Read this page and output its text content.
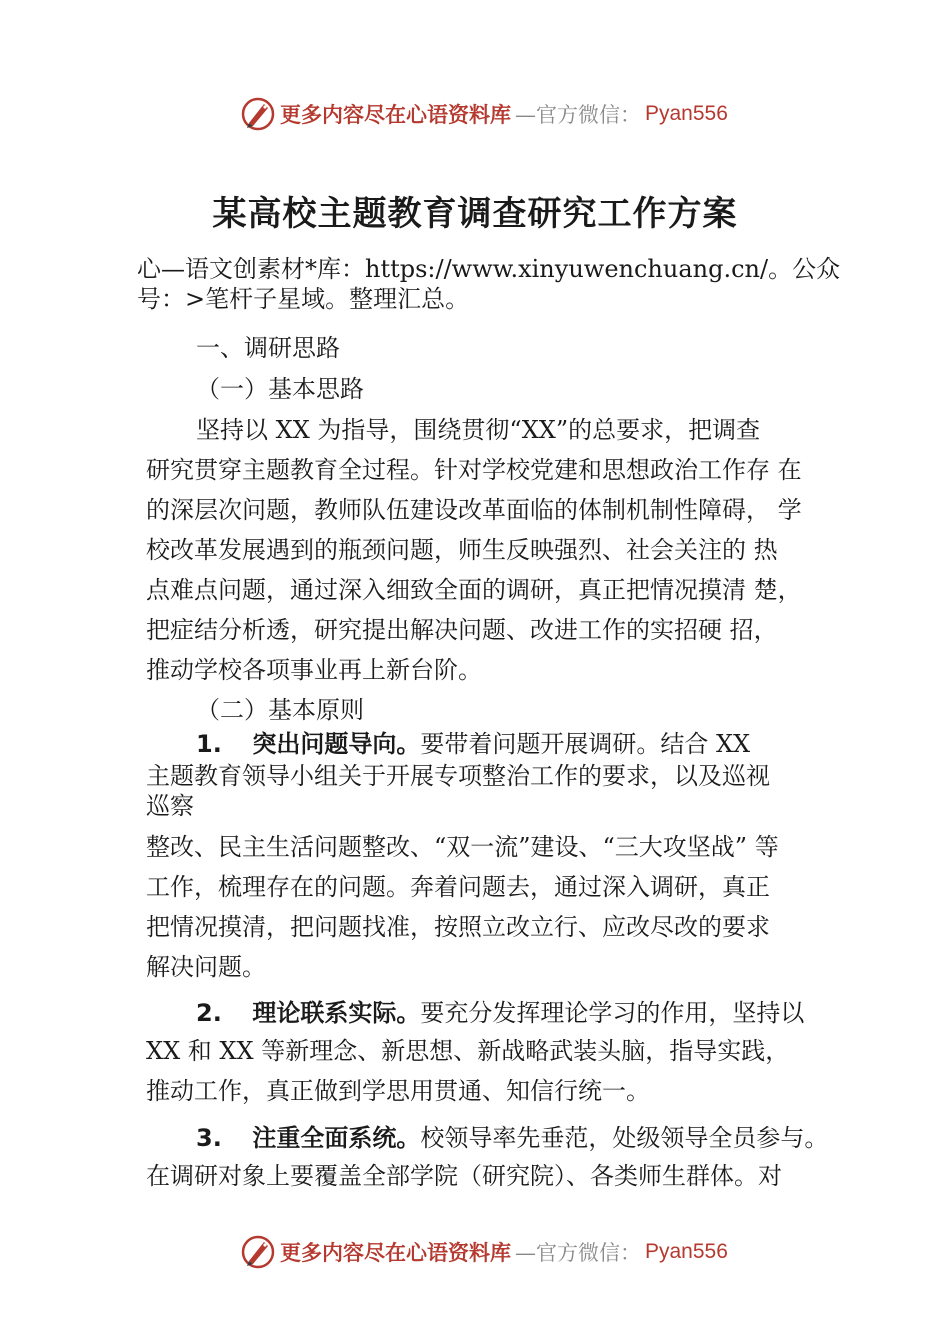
更多内容尽在心语资料库 —官方微信： Pyan556
某高校主题教育调查研究工作方案
心—语文创素材*库：https://www.xinyuwenchuang.cn/。公众
号：>笔杆子星域。整理汇总。
一、调研思路
（一）基本思路
坚持以 XX 为指导，围绕贯彻“XX”的总要求，把调查
研究贯穿主题教育全过程。针对学校党建和思想政治工作存 在
的深层次问题，教师队伍建设改革面临的体制机制性障碍， 学
校改革发展遇到的瓶颈问题，师生反映强烈、社会关注的 热
点难点问题，通过深入细致全面的调研，真正把情况摸清 楚，
把症结分析透，研究提出解决问题、改进工作的实招硬 招，
推动学校各项事业再上新台阶。
（二）基本原则
1. 突出问题导向。要带着问题开展调研。结合 XX
主题教育领导小组关于开展专项整治工作的要求，以及巡视
巡察
整改、民主生活问题整改、“双一流”建设、“三大攻坚战” 等
工作，梳理存在的问题。奔着问题去，通过深入调研，真正
把情况摸清，把问题找准，按照立改立行、应改尽改的要求
解决问题。
2. 理论联系实际。要充分发挥理论学习的作用，坚持以
XX 和 XX 等新理念、新思想、新战略武装头脑，指导实践，
推动工作，真正做到学思用贯通、知信行统一。
3. 注重全面系统。校领导率先垂范，处级领导全员参与。
在调研对象上要覆盖全部学院（研究院）、各类师生群体。对
更多内容尽在心语资料库 —官方微信： Pyan556
